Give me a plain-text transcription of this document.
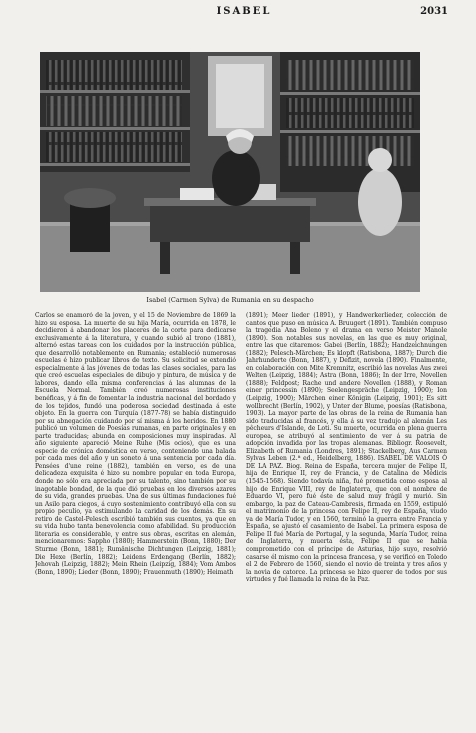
ISABEL	2031
Isabel (Carmen Sylva) de Rumania en su despacho

Carlos se enamoró de la joven, y el 15 de Noviembre de 1869 la hizo su esposa. La muerte de su hija María, ocurrida en 1878, le decidieron á abandonar los placeres de la corte para dedicarse exclusivamente á la literatura, y cuando subió al trono (1881), alternó estas tareas con los cuidados por la instrucción pública, que desarrolló notablemente en Rumania; estableció numerosas escuelas é hizo publicar libros de texto. Su solicitud se extendió especialmente á las jóvenes de todas las clases sociales, para las que creó escuelas especiales de dibujo y pintura, de música y de labores, dando ella misma conferencias á las alumnas de la Escuela Normal. También creó numerosas instituciones benéficas, y á fin de fomentar la industria nacional del bordado y de los tejidos, fundó una poderosa sociedad destinada á este objeto. En la guerra con Turquía (1877-78) se había distinguido por su abnegación cuidando por sí misma á los heridos. En 1880 publicó un volumen de Poesías rumanas, en parte originales y en parte traducidas; abunda en composiciones muy inspiradas. Al año siguiente apareció Meine Ruhe (Mis ocios), que es una especie de crónica doméstica en verso, conteniendo una balada por cada mes del año y un soneto á una sentencia por cada día. Pensées d'une reine (1882), también en verso, es de una delicadeza exquisita é hizo su nombre popular en toda Europa, donde no sólo era apreciada por su talento, sino también por su inagotable bondad, de la que dió pruebas en los diversos azares de su vida, grandes pruebas. Una de sus últimas fundaciones fué un Asilo para ciegos, á cuyo sostenimiento contribuyó ella con su propio peculio, ya estimulando la caridad de los demás. En su retiro de Castel-Pelesch escribió también sus cuentos, ya que en su vida hubo tanta benevolencia como afabilidad. Su producción literaria es considerable, y entre sus obras, escritas en alemán, mencionaremos: Sappho (1880); Hammerstein (Bonn, 1880); Der Sturme (Bonn, 1881); Rumänische Dichtungen (Leipzig, 1881); Die Hexe (Berlín, 1882); Leidens Erdengang (Berlín, 1882); Jehovah (Leipzig, 1882); Mein Rhein (Leipzig, 1884); Vom Ambos (Bonn, 1890); Lieder (Bonn, 1890); Frauenmuth (1890); Heimath

(1891); Meer lieder (1891), y Handwerkerlieder, colección de cantos que puso en música A. Bruugert (1891). También compuso la tragedia Ana Boleno y el drama en verso Meister Manole (1890). Son notables sus novelas, en las que es muy original, entre las que citaremos: Gabei (Berlín, 1882); Handzeichnungen (1882); Pelesch-Märchen; Es klopft (Ratisbona, 1887); Durch die Jahrhunderte (Bonn, 1887), y Defizit, novela (1890). Finalmente, en colaboración con Mite Kremnitz, escribió las novelas Aus zwei Welten (Leipzig, 1884); Astra (Bonn, 1886); In der Irre, Novellen (1888); Feldpost; Rache und andere Novellen (1888), y Roman einer princessin (1890); Seelengespräche (Leipzig, 1900); Ion (Leipzig, 1900); Märchen einer Königin (Leipzig, 1901); Es sitt wollbrecht (Berlín, 1902), y Unter der Blume, poesías (Ratisbona, 1903). La mayor parte de las obras de la reina de Rumania han sido traducidas al francés, y ella á su vez tradujo al alemán Les pêcheurs d'Islande, de Loti. Su muerte, ocurrida en plena guerra europea, se atribuyó al sentimiento de ver á su patria de adopción invadida por las tropas alemanas. Bibliogr. Roosevelt, Elizabeth of Rumania (Londres, 1891); Stackelberg, Aus Carmen Sylvas Leben (2.ª ed., Heidelberg, 1886). ISABEL DE VALOIS Ó DE LA PAZ. Biog. Reina de España, tercera mujer de Felipe II, hija de Enrique II, rey de Francia, y de Catalina de Médicis (1545-1568). Siendo todavía niña, fué prometida como esposa al hijo de Enrique VIII, rey de Inglaterra, que con el nombre de Eduardo VI, pero fué éste de salud muy frágil y murió. Sin embargo, la paz de Cateau-Cambresis, firmada en 1559, estipuló el matrimonio de la princesa con Felipe II, rey de España, viudo ya de María Tudor, y en 1560, terminó la guerra entre Francia y España, se ajustó el casamiento de Isabel. La primera esposa de Felipe II fué María de Portugal, y la segunda, María Tudor, reina de Inglaterra, y muerta ésta, Felipe II que se había comprometido con el príncipe de Asturias, hijo suyo, resolvió casarse él mismo con la princesa francesa, y se verificó en Toledo el 2 de Febrero de 1560, siendo el novio de treinta y tres años y la novia de catorce. La princesa se hizo querer de todos por sus virtudes y fué llamada la reina de la Paz.
